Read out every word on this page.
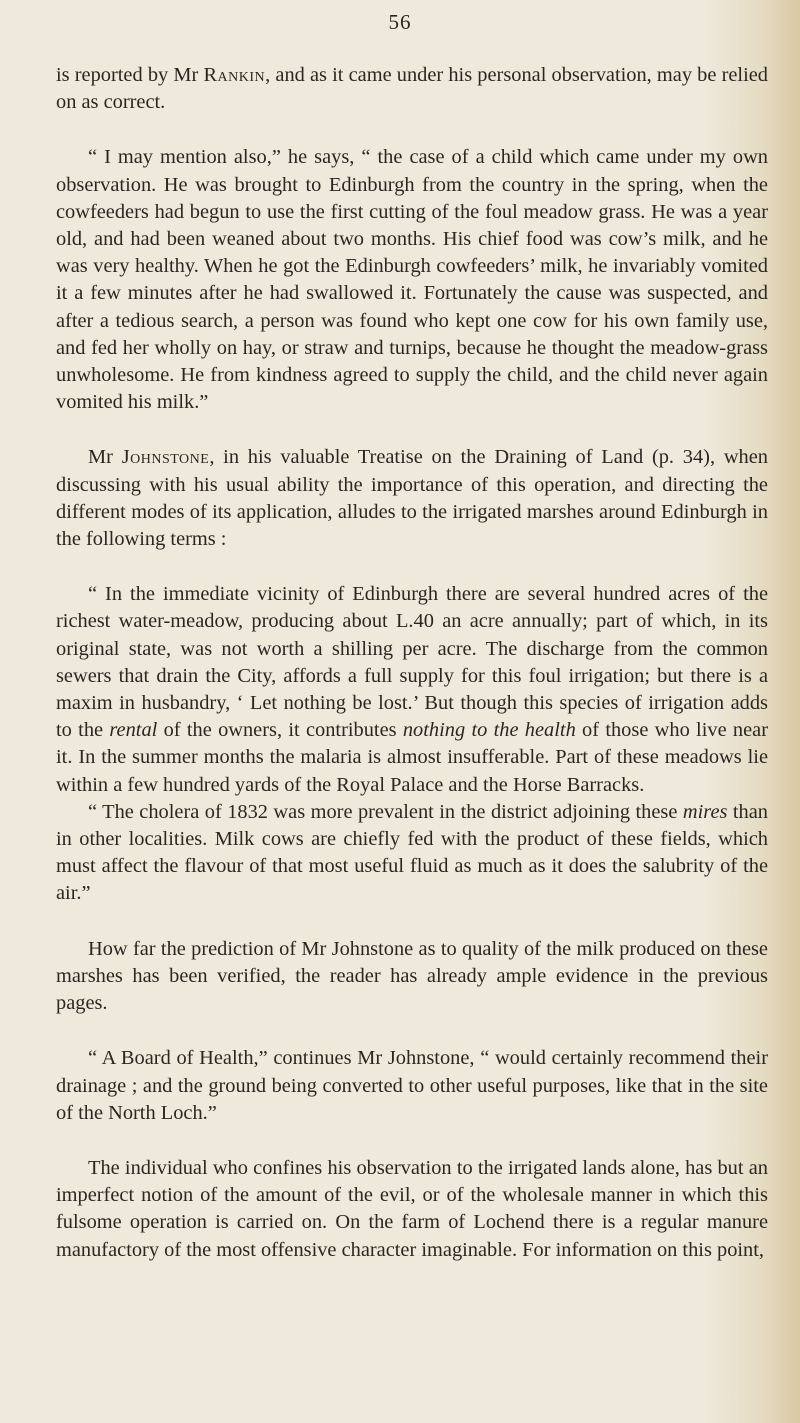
56

is reported by Mr Rankin, and as it came under his personal observation, may be relied on as correct.

“ I may mention also,” he says, “ the case of a child which came under my own observation. He was brought to Edinburgh from the country in the spring, when the cowfeeders had begun to use the first cutting of the foul meadow grass. He was a year old, and had been weaned about two months. His chief food was cow’s milk, and he was very healthy. When he got the Edinburgh cowfeeders’ milk, he invariably vomited it a few minutes after he had swallowed it. Fortunately the cause was suspected, and after a tedious search, a person was found who kept one cow for his own family use, and fed her wholly on hay, or straw and turnips, because he thought the meadow-grass unwholesome. He from kindness agreed to supply the child, and the child never again vomited his milk.”

Mr Johnstone, in his valuable Treatise on the Draining of Land (p. 34), when discussing with his usual ability the importance of this operation, and directing the different modes of its application, alludes to the irrigated marshes around Edinburgh in the following terms :

“ In the immediate vicinity of Edinburgh there are several hundred acres of the richest water-meadow, producing about L.40 an acre annually; part of which, in its original state, was not worth a shilling per acre. The discharge from the common sewers that drain the City, affords a full supply for this foul irrigation; but there is a maxim in husbandry, ‘ Let nothing be lost.’ But though this species of irrigation adds to the rental of the owners, it contributes nothing to the health of those who live near it. In the summer months the malaria is almost insufferable. Part of these meadows lie within a few hundred yards of the Royal Palace and the Horse Barracks.

“ The cholera of 1832 was more prevalent in the district adjoining these mires than in other localities. Milk cows are chiefly fed with the product of these fields, which must affect the flavour of that most useful fluid as much as it does the salubrity of the air.”

How far the prediction of Mr Johnstone as to quality of the milk produced on these marshes has been verified, the reader has already ample evidence in the previous pages.

“ A Board of Health,” continues Mr Johnstone, “ would certainly recommend their drainage ; and the ground being converted to other useful purposes, like that in the site of the North Loch.”

The individual who confines his observation to the irrigated lands alone, has but an imperfect notion of the amount of the evil, or of the wholesale manner in which this fulsome operation is carried on. On the farm of Lochend there is a regular manure manufactory of the most offensive character imaginable. For information on this point,
